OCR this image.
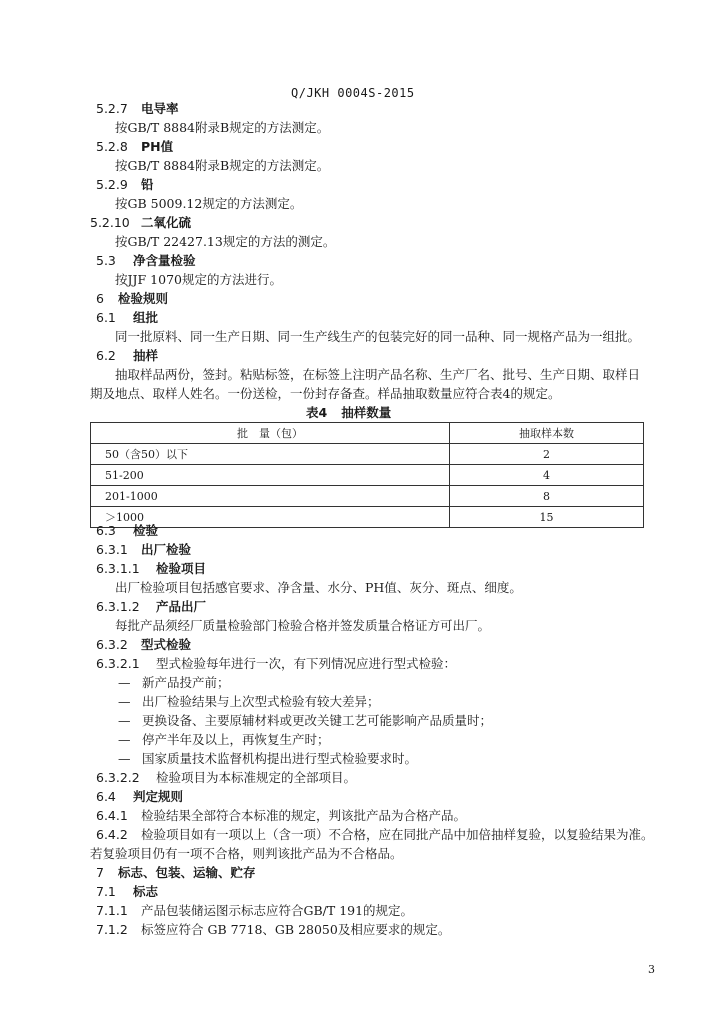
Q/JKH 0004S-2015
5.2.7 电导率
按GB/T 8884附录B规定的方法测定。
5.2.8 PH值
按GB/T 8884附录B规定的方法测定。
5.2.9 铅
按GB 5009.12规定的方法测定。
5.2.10 二氧化硫
按GB/T 22427.13规定的方法的测定。
5.3 净含量检验
按JJF 1070规定的方法进行。
6 检验规则
6.1 组批
同一批原料、同一生产日期、同一生产线生产的包装完好的同一品种、同一规格产品为一组批。
6.2 抽样
抽取样品两份，签封。粘贴标签，在标签上注明产品名称、生产厂名、批号、生产日期、取样日
期及地点、取样人姓名。一份送检，一份封存备查。样品抽取数量应符合表4的规定。
表4 抽样数量
批　量（包）	抽取样本数
50（含50）以下	2
51-200	4
201-1000	8
＞1000	15
6.3 检验
6.3.1 出厂检验
6.3.1.1 检验项目
出厂检验项目包括感官要求、净含量、水分、PH值、灰分、斑点、细度。
6.3.1.2 产品出厂
每批产品须经厂质量检验部门检验合格并签发质量合格证方可出厂。
6.3.2 型式检验
6.3.2.1 型式检验每年进行一次，有下列情况应进行型式检验：
— 新产品投产前；
— 出厂检验结果与上次型式检验有较大差异；
— 更换设备、主要原辅材料或更改关键工艺可能影响产品质量时；
— 停产半年及以上，再恢复生产时；
— 国家质量技术监督机构提出进行型式检验要求时。
6.3.2.2 检验项目为本标准规定的全部项目。
6.4 判定规则
6.4.1 检验结果全部符合本标准的规定，判该批产品为合格产品。
6.4.2 检验项目如有一项以上（含一项）不合格，应在同批产品中加倍抽样复验，以复验结果为准。
若复验项目仍有一项不合格，则判该批产品为不合格品。
7 标志、包装、运输、贮存
7.1 标志
7.1.1 产品包装储运图示标志应符合GB/T 191的规定。
7.1.2 标签应符合 GB 7718、GB 28050及相应要求的规定。
3
